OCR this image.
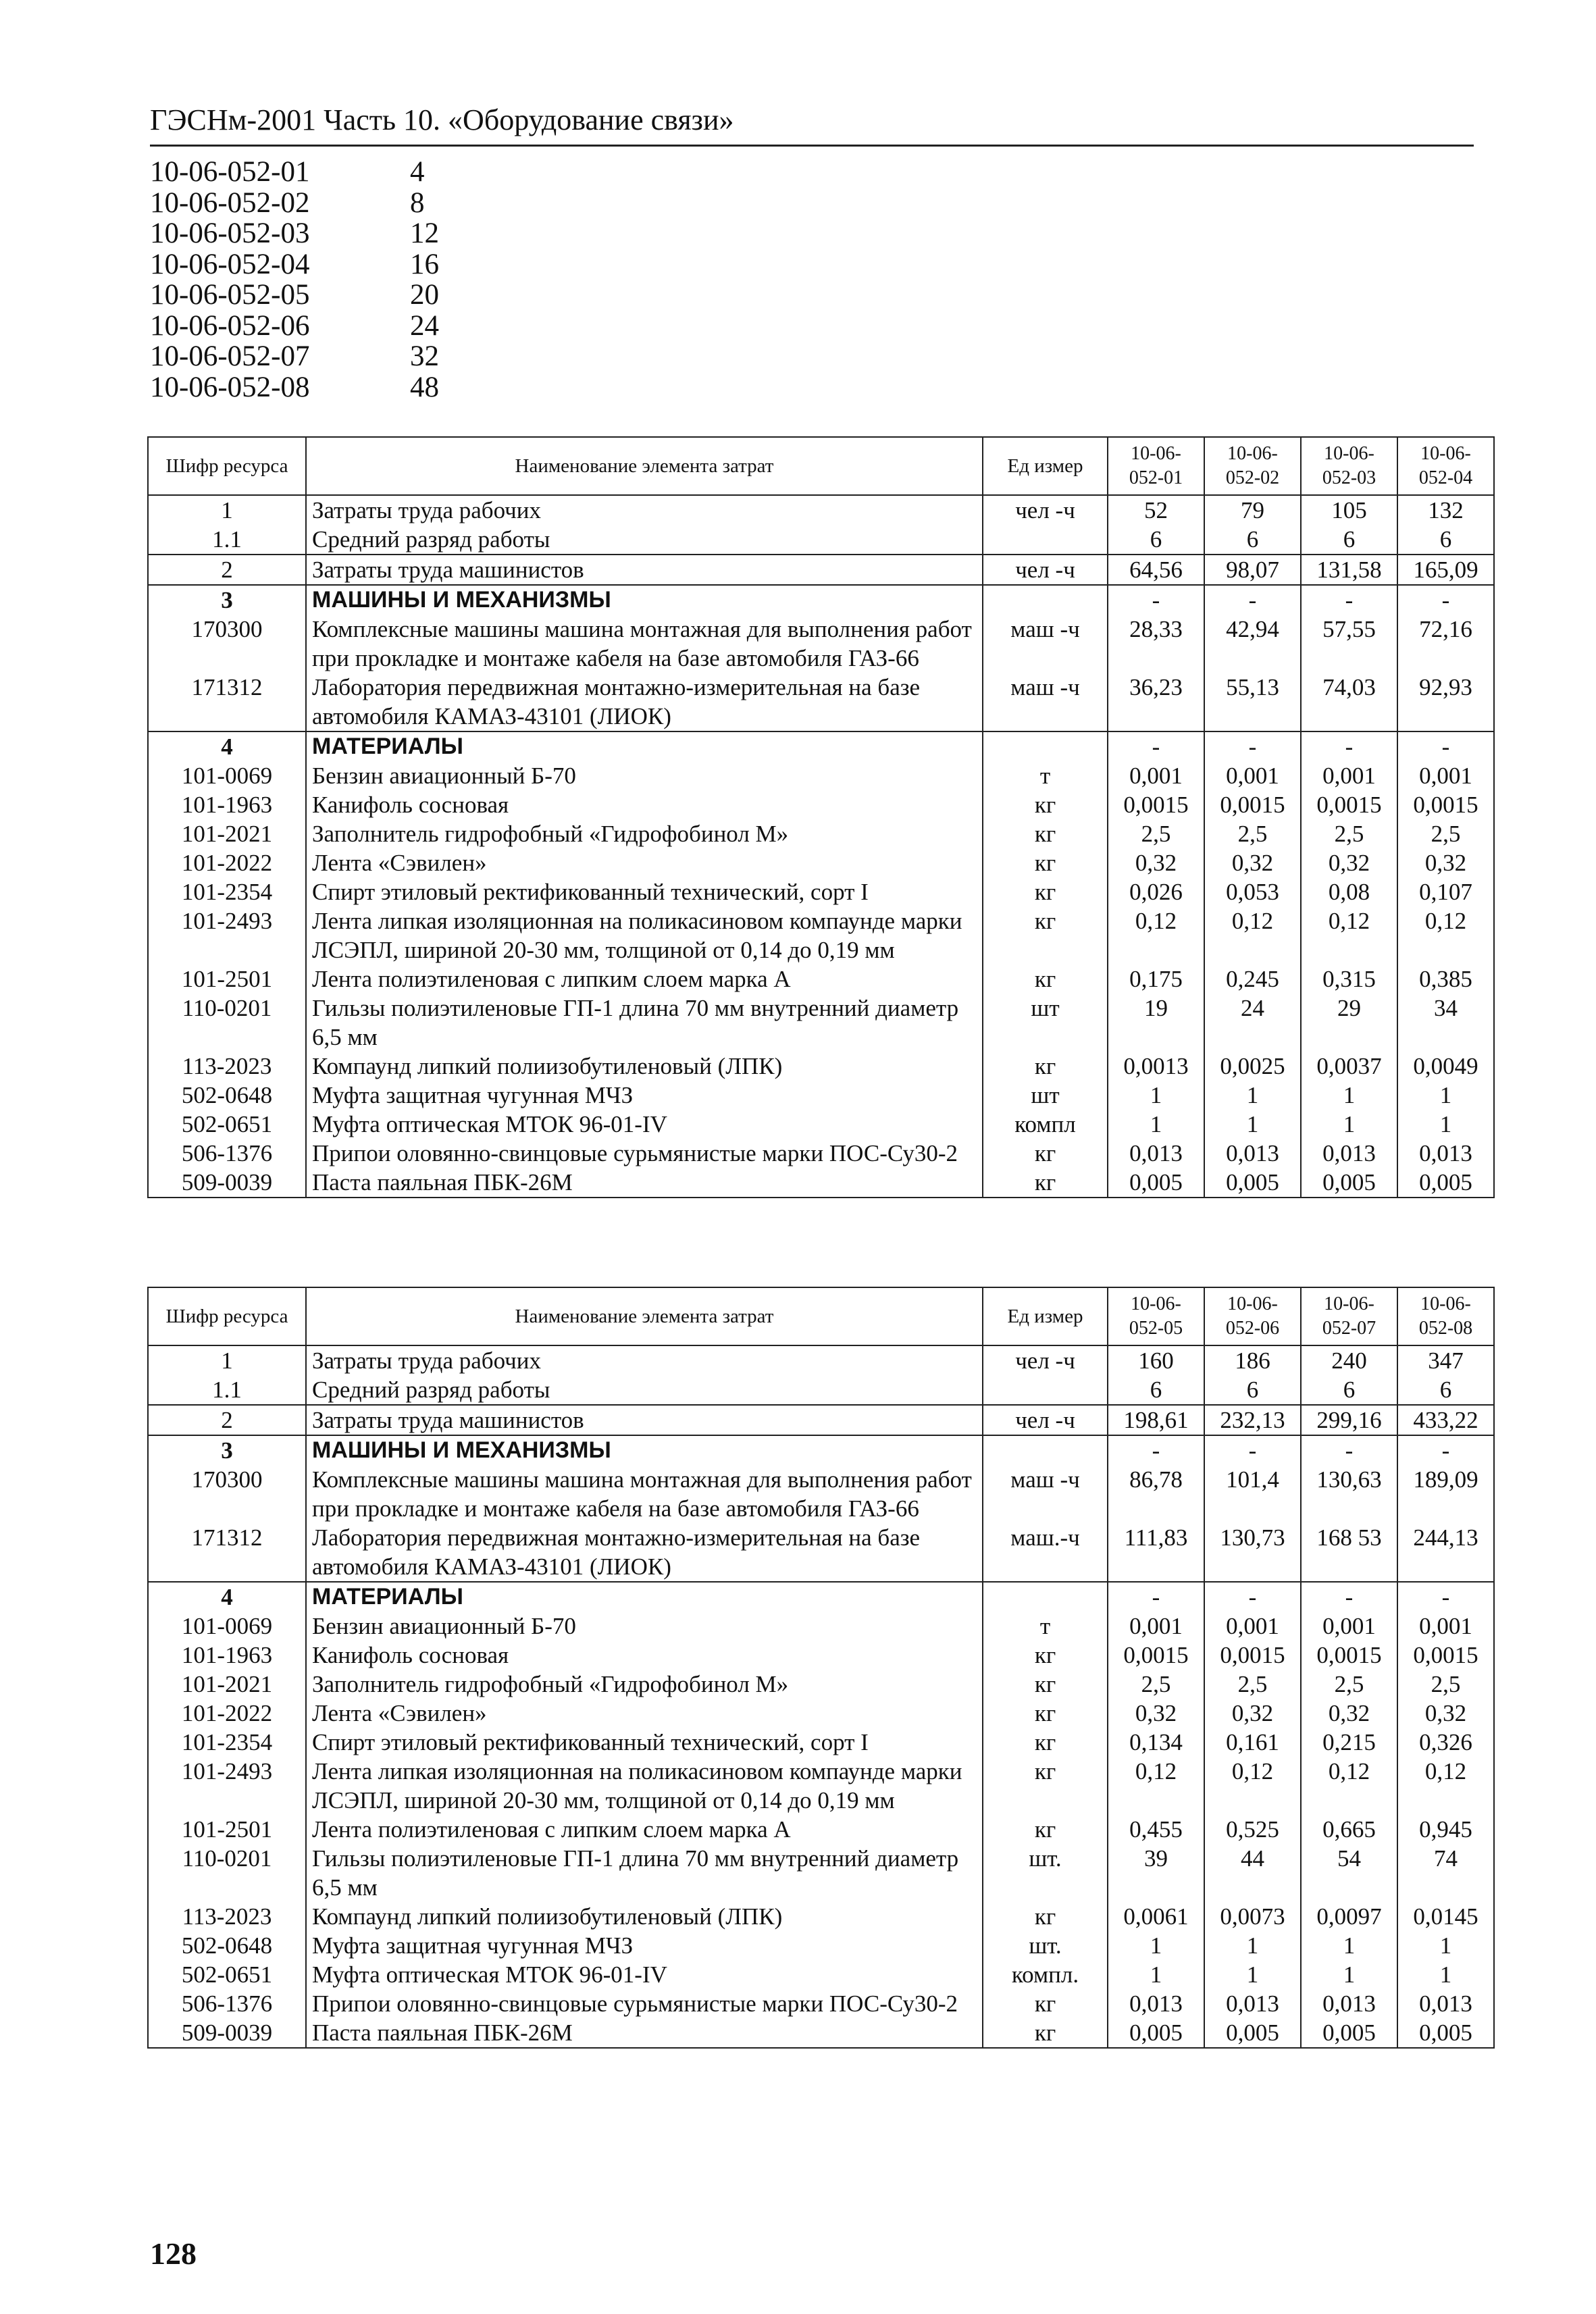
ГЭСНм-2001 Часть 10. «Оборудование связи»
10-06-052-01	4
10-06-052-02	8
10-06-052-03	12
10-06-052-04	16
10-06-052-05	20
10-06-052-06	24
10-06-052-07	32
10-06-052-08	48
Шифр ресурса	Наименование элемента затрат	Ед измер	10-06-052-01	10-06-052-02	10-06-052-03	10-06-052-04
1	Затраты труда рабочих	чел -ч	52	79	105	132
1.1	Средний разряд работы		6	6	6	6
2	Затраты труда машинистов	чел -ч	64,56	98,07	131,58	165,09
3	МАШИНЫ И МЕХАНИЗМЫ		-	-	-	-
170300	Комплексные машины машина монтажная для выполнения работ при прокладке и монтаже кабеля на базе автомобиля ГАЗ-66	маш -ч	28,33	42,94	57,55	72,16
171312	Лаборатория передвижная монтажно-измерительная на базе автомобиля КАМАЗ-43101 (ЛИОК)	маш -ч	36,23	55,13	74,03	92,93
4	МАТЕРИАЛЫ		-	-	-	-
101-0069	Бензин авиационный Б-70	т	0,001	0,001	0,001	0,001
101-1963	Канифоль сосновая	кг	0,0015	0,0015	0,0015	0,0015
101-2021	Заполнитель гидрофобный «Гидрофобинол М»	кг	2,5	2,5	2,5	2,5
101-2022	Лента «Сэвилен»	кг	0,32	0,32	0,32	0,32
101-2354	Спирт этиловый ректификованный технический, сорт I	кг	0,026	0,053	0,08	0,107
101-2493	Лента липкая изоляционная на поликасиновом компаунде марки ЛСЭПЛ, шириной 20-30 мм, толщиной от 0,14 до 0,19 мм	кг	0,12	0,12	0,12	0,12
101-2501	Лента полиэтиленовая с липким слоем марка А	кг	0,175	0,245	0,315	0,385
110-0201	Гильзы полиэтиленовые ГП-1 длина 70 мм внутренний диаметр 6,5 мм	шт	19	24	29	34
113-2023	Компаунд липкий полиизобутиленовый (ЛПК)	кг	0,0013	0,0025	0,0037	0,0049
502-0648	Муфта защитная чугунная МЧЗ	шт	1	1	1	1
502-0651	Муфта оптическая МТОК 96-01-IV	компл	1	1	1	1
506-1376	Припои оловянно-свинцовые сурьмянистые марки ПОС-Су30-2	кг	0,013	0,013	0,013	0,013
509-0039	Паста паяльная ПБК-26М	кг	0,005	0,005	0,005	0,005
Шифр ресурса	Наименование элемента затрат	Ед измер	10-06-052-05	10-06-052-06	10-06-052-07	10-06-052-08
1	Затраты труда рабочих	чел -ч	160	186	240	347
1.1	Средний разряд работы		6	6	6	6
2	Затраты труда машинистов	чел -ч	198,61	232,13	299,16	433,22
3	МАШИНЫ И МЕХАНИЗМЫ		-	-	-	-
170300	Комплексные машины машина монтажная для выполнения работ при прокладке и монтаже кабеля на базе автомобиля ГАЗ-66	маш -ч	86,78	101,4	130,63	189,09
171312	Лаборатория передвижная монтажно-измерительная на базе автомобиля КАМАЗ-43101 (ЛИОК)	маш.-ч	111,83	130,73	168 53	244,13
4	МАТЕРИАЛЫ		-	-	-	-
101-0069	Бензин авиационный Б-70	т	0,001	0,001	0,001	0,001
101-1963	Канифоль сосновая	кг	0,0015	0,0015	0,0015	0,0015
101-2021	Заполнитель гидрофобный «Гидрофобинол М»	кг	2,5	2,5	2,5	2,5
101-2022	Лента «Сэвилен»	кг	0,32	0,32	0,32	0,32
101-2354	Спирт этиловый ректификованный технический, сорт I	кг	0,134	0,161	0,215	0,326
101-2493	Лента липкая изоляционная на поликасиновом компаунде марки ЛСЭПЛ, шириной 20-30 мм, толщиной от 0,14 до 0,19 мм	кг	0,12	0,12	0,12	0,12
101-2501	Лента полиэтиленовая с липким слоем марка А	кг	0,455	0,525	0,665	0,945
110-0201	Гильзы полиэтиленовые ГП-1 длина 70 мм внутренний диаметр 6,5 мм	шт.	39	44	54	74
113-2023	Компаунд липкий полиизобутиленовый (ЛПК)	кг	0,0061	0,0073	0,0097	0,0145
502-0648	Муфта защитная чугунная МЧЗ	шт.	1	1	1	1
502-0651	Муфта оптическая МТОК 96-01-IV	компл.	1	1	1	1
506-1376	Припои оловянно-свинцовые сурьмянистые марки ПОС-Су30-2	кг	0,013	0,013	0,013	0,013
509-0039	Паста паяльная ПБК-26М	кг	0,005	0,005	0,005	0,005
128
